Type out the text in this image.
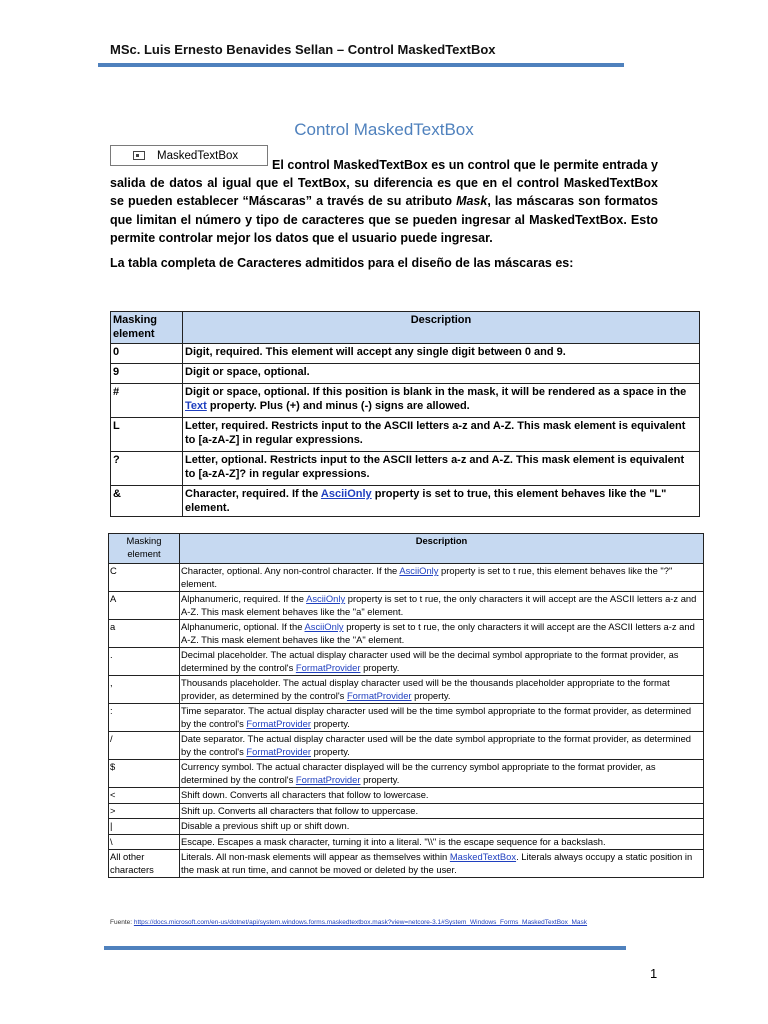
MSc. Luis Ernesto Benavides Sellan – Control MaskedTextBox
Control MaskedTextBox
MaskedTextBox

El control MaskedTextBox es un control que le permite entrada y salida de datos al igual que el TextBox, su diferencia es que en el control MaskedTextBox se pueden establecer “Máscaras” a través de su atributo Mask, las máscaras son formatos que limitan el número y tipo de caracteres que se pueden ingresar al MaskedTextBox. Esto permite controlar mejor los datos que el usuario puede ingresar.

La tabla completa de Caracteres admitidos para el diseño de las máscaras es:
Masking element	Description
0	Digit, required. This element will accept any single digit between 0 and 9.
9	Digit or space, optional.
#	Digit or space, optional. If this position is blank in the mask, it will be rendered as a space in the Text property. Plus (+) and minus (-) signs are allowed.
L	Letter, required. Restricts input to the ASCII letters a-z and A-Z. This mask element is equivalent to [a-zA-Z] in regular expressions.
?	Letter, optional. Restricts input to the ASCII letters a-z and A-Z. This mask element is equivalent to [a-zA-Z]? in regular expressions.
&	Character, required. If the AsciiOnly property is set to true, this element behaves like the "L" element.
Masking element	Description
C	Character, optional. Any non-control character. If the AsciiOnly property is set to t rue, this element behaves like the "?" element.
A	Alphanumeric, required. If the AsciiOnly property is set to t rue, the only characters it will accept are the ASCII letters a-z and A-Z. This mask element behaves like the "a" element.
a	Alphanumeric, optional. If the AsciiOnly property is set to t rue, the only characters it will accept are the ASCII letters a-z and A-Z. This mask element behaves like the "A" element.
.	Decimal placeholder. The actual display character used will be the decimal symbol appropriate to the format provider, as determined by the control's FormatProvider property.
,	Thousands placeholder. The actual display character used will be the thousands placeholder appropriate to the format provider, as determined by the control's FormatProvider property.
:	Time separator. The actual display character used will be the time symbol appropriate to the format provider, as determined by the control's FormatProvider property.
/	Date separator. The actual display character used will be the date symbol appropriate to the format provider, as determined by the control's FormatProvider property.
$	Currency symbol. The actual character displayed will be the currency symbol appropriate to the format provider, as determined by the control's FormatProvider property.
<	Shift down. Converts all characters that follow to lowercase.
>	Shift up. Converts all characters that follow to uppercase.
|	Disable a previous shift up or shift down.
\	Escape. Escapes a mask character, turning it into a literal. "\\" is the escape sequence for a backslash.
All other characters	Literals. All non-mask elements will appear as themselves within MaskedTextBox. Literals always occupy a static position in the mask at run time, and cannot be moved or deleted by the user.
Fuente: https://docs.microsoft.com/en-us/dotnet/api/system.windows.forms.maskedtextbox.mask?view=netcore-3.1#System_Windows_Forms_MaskedTextBox_Mask
1
